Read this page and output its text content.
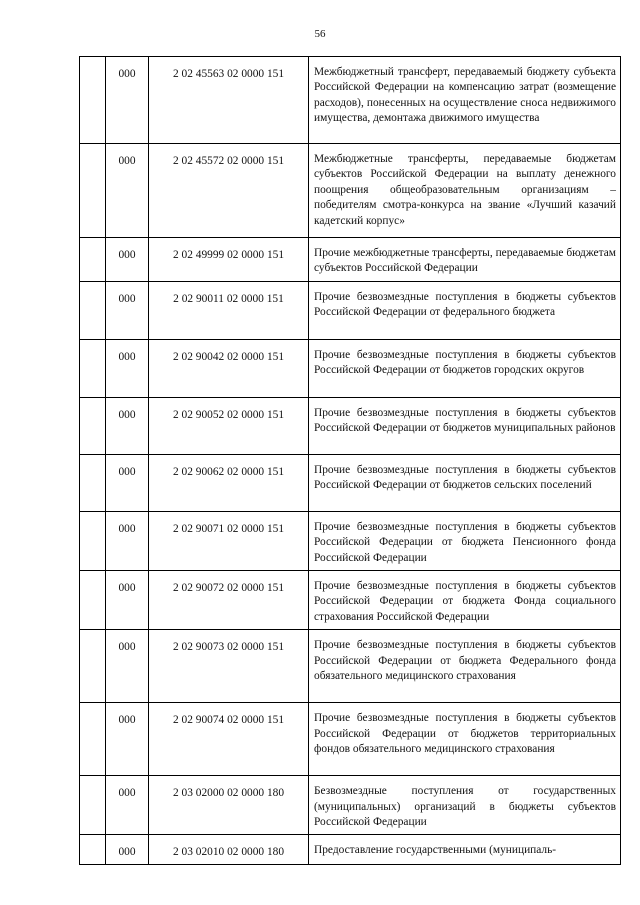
56
	000	2 02 45563 02 0000 151	Межбюджетный трансферт, передаваемый бюджету субъекта Российской Федерации на компенсацию затрат (возмещение расходов), понесенных на осуществление сноса недвижимого имущества, демонтажа движимого имущества

	000	2 02 45572 02 0000 151	Межбюджетные трансферты, передаваемые бюджетам субъектов Российской Федерации на выплату денежного поощрения общеобразовательным организациям – победителям смотра-конкурса на звание «Лучший казачий кадетский корпус»

	000	2 02 49999 02 0000 151	Прочие межбюджетные трансферты, передаваемые бюджетам субъектов Российской Федерации

	000	2 02 90011 02 0000 151	Прочие безвозмездные поступления в бюджеты субъектов Российской Федерации от федерального бюджета

	000	2 02 90042 02 0000 151	Прочие безвозмездные поступления в бюджеты субъектов Российской Федерации от бюджетов городских округов

	000	2 02 90052 02 0000 151	Прочие безвозмездные поступления в бюджеты субъектов Российской Федерации от бюджетов муниципальных районов

	000	2 02 90062 02 0000 151	Прочие безвозмездные поступления в бюджеты субъектов Российской Федерации от бюджетов сельских поселений

	000	2 02 90071 02 0000 151	Прочие безвозмездные поступления в бюджеты субъектов Российской Федерации от бюджета Пенсионного фонда Российской Федерации

	000	2 02 90072 02 0000 151	Прочие безвозмездные поступления в бюджеты субъектов Российской Федерации от бюджета Фонда социального страхования Российской Федерации

	000	2 02 90073 02 0000 151	Прочие безвозмездные поступления в бюджеты субъектов Российской Федерации от бюджета Федерального фонда обязательного медицинского страхования

	000	2 02 90074 02 0000 151	Прочие безвозмездные поступления в бюджеты субъектов Российской Федерации от бюджетов территориальных фондов обязательного медицинского страхования

	000	2 03 02000 02 0000 180	Безвозмездные поступления от государственных (муниципальных) организаций в бюджеты субъектов Российской Федерации

	000	2 03 02010 02 0000 180	Предоставление государственными (муниципаль-
